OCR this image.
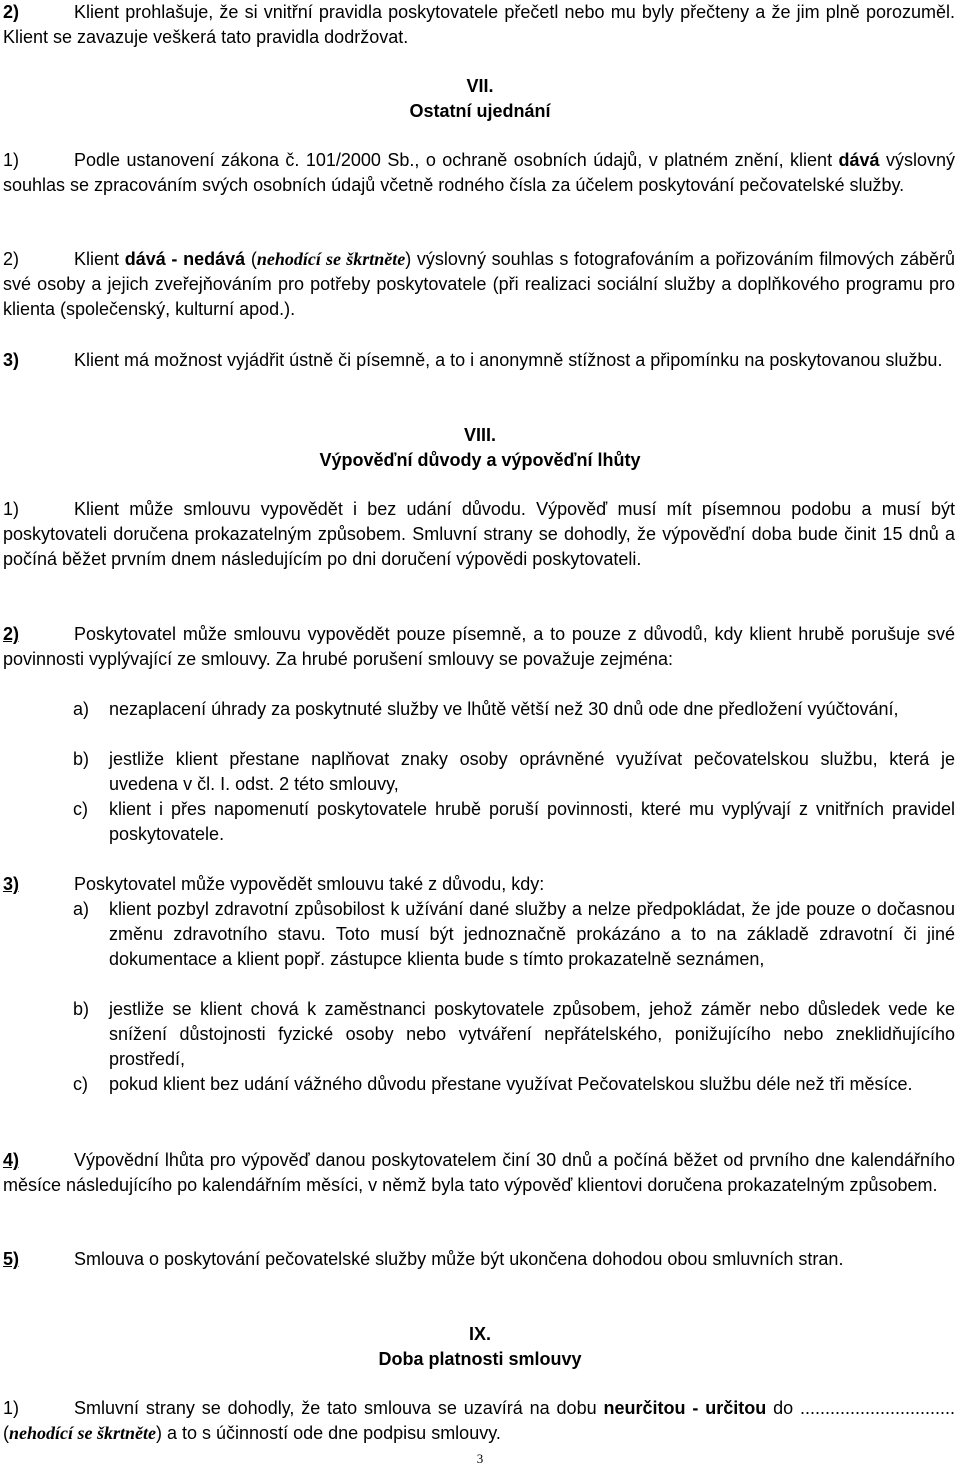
2)	Klient prohlašuje, že si vnitřní pravidla poskytovatele přečetl nebo mu byly přečteny a že jim plně porozuměl. Klient se zavazuje veškerá tato pravidla dodržovat.
VII.
Ostatní ujednání
1)	Podle ustanovení zákona č. 101/2000 Sb., o ochraně osobních údajů, v platném znění, klient dává výslovný souhlas se zpracováním svých osobních údajů včetně rodného čísla za účelem poskytování pečovatelské služby.
2)	Klient dává - nedává (nehodící se škrtněte) výslovný souhlas s fotografováním a pořizováním filmových záběrů své osoby a jejich zveřejňováním pro potřeby poskytovatele (při realizaci sociální služby a doplňkového programu pro klienta (společenský, kulturní apod.).
3)	Klient má možnost vyjádřit ústně či písemně, a to i anonymně stížnost a připomínku na poskytovanou službu.
VIII.
Výpověďní důvody a výpověďní lhůty
1)	Klient může smlouvu vypovědět i bez udání důvodu. Výpověď musí mít písemnou podobu a musí být poskytovateli doručena prokazatelným způsobem. Smluvní strany se dohodly, že výpověďní doba bude činit 15 dnů a počíná běžet prvním dnem následujícím po dni doručení výpovědi poskytovateli.
2)	Poskytovatel může smlouvu vypovědět pouze písemně, a to pouze z důvodů, kdy klient hrubě porušuje své povinnosti vyplývající ze smlouvy. Za hrubé porušení smlouvy se považuje zejména:
a)	nezaplacení úhrady za poskytnuté služby ve lhůtě větší než 30 dnů ode dne předložení vyúčtování,
b)	jestliže klient přestane naplňovat znaky osoby oprávněné využívat pečovatelskou službu, která je uvedena v čl. I. odst. 2 této smlouvy,
c)	klient i přes napomenutí poskytovatele hrubě poruší povinnosti, které mu vyplývají z vnitřních pravidel poskytovatele.
3)	Poskytovatel může vypovědět smlouvu také z důvodu, kdy:
a)	klient pozbyl zdravotní způsobilost k užívání dané služby a nelze předpokládat, že jde pouze o dočasnou změnu zdravotního stavu. Toto musí být jednoznačně prokázáno a to na základě zdravotní či jiné dokumentace a klient popř. zástupce klienta bude s tímto prokazatelně seznámen,
b)	jestliže se klient chová k zaměstnanci poskytovatele způsobem, jehož záměr nebo důsledek vede ke snížení důstojnosti fyzické osoby nebo vytváření nepřátelského, ponižujícího nebo zneklidňujícího prostředí,
c)	pokud klient bez udání vážného důvodu přestane využívat Pečovatelskou službu déle než tři měsíce.
4)	Výpovědní lhůta pro výpověď danou poskytovatelem činí 30 dnů a počíná běžet od prvního dne kalendářního měsíce následujícího po kalendářním měsíci, v němž byla tato výpověď klientovi doručena prokazatelným způsobem.
5)	Smlouva o poskytování pečovatelské služby může být ukončena dohodou obou smluvních stran.
IX.
Doba platnosti smlouvy
1)	Smluvní strany se dohodly, že tato smlouva se uzavírá na dobu neurčitou - určitou do ............................... (nehodící se škrtněte) a to s účinností ode dne podpisu smlouvy.
3
